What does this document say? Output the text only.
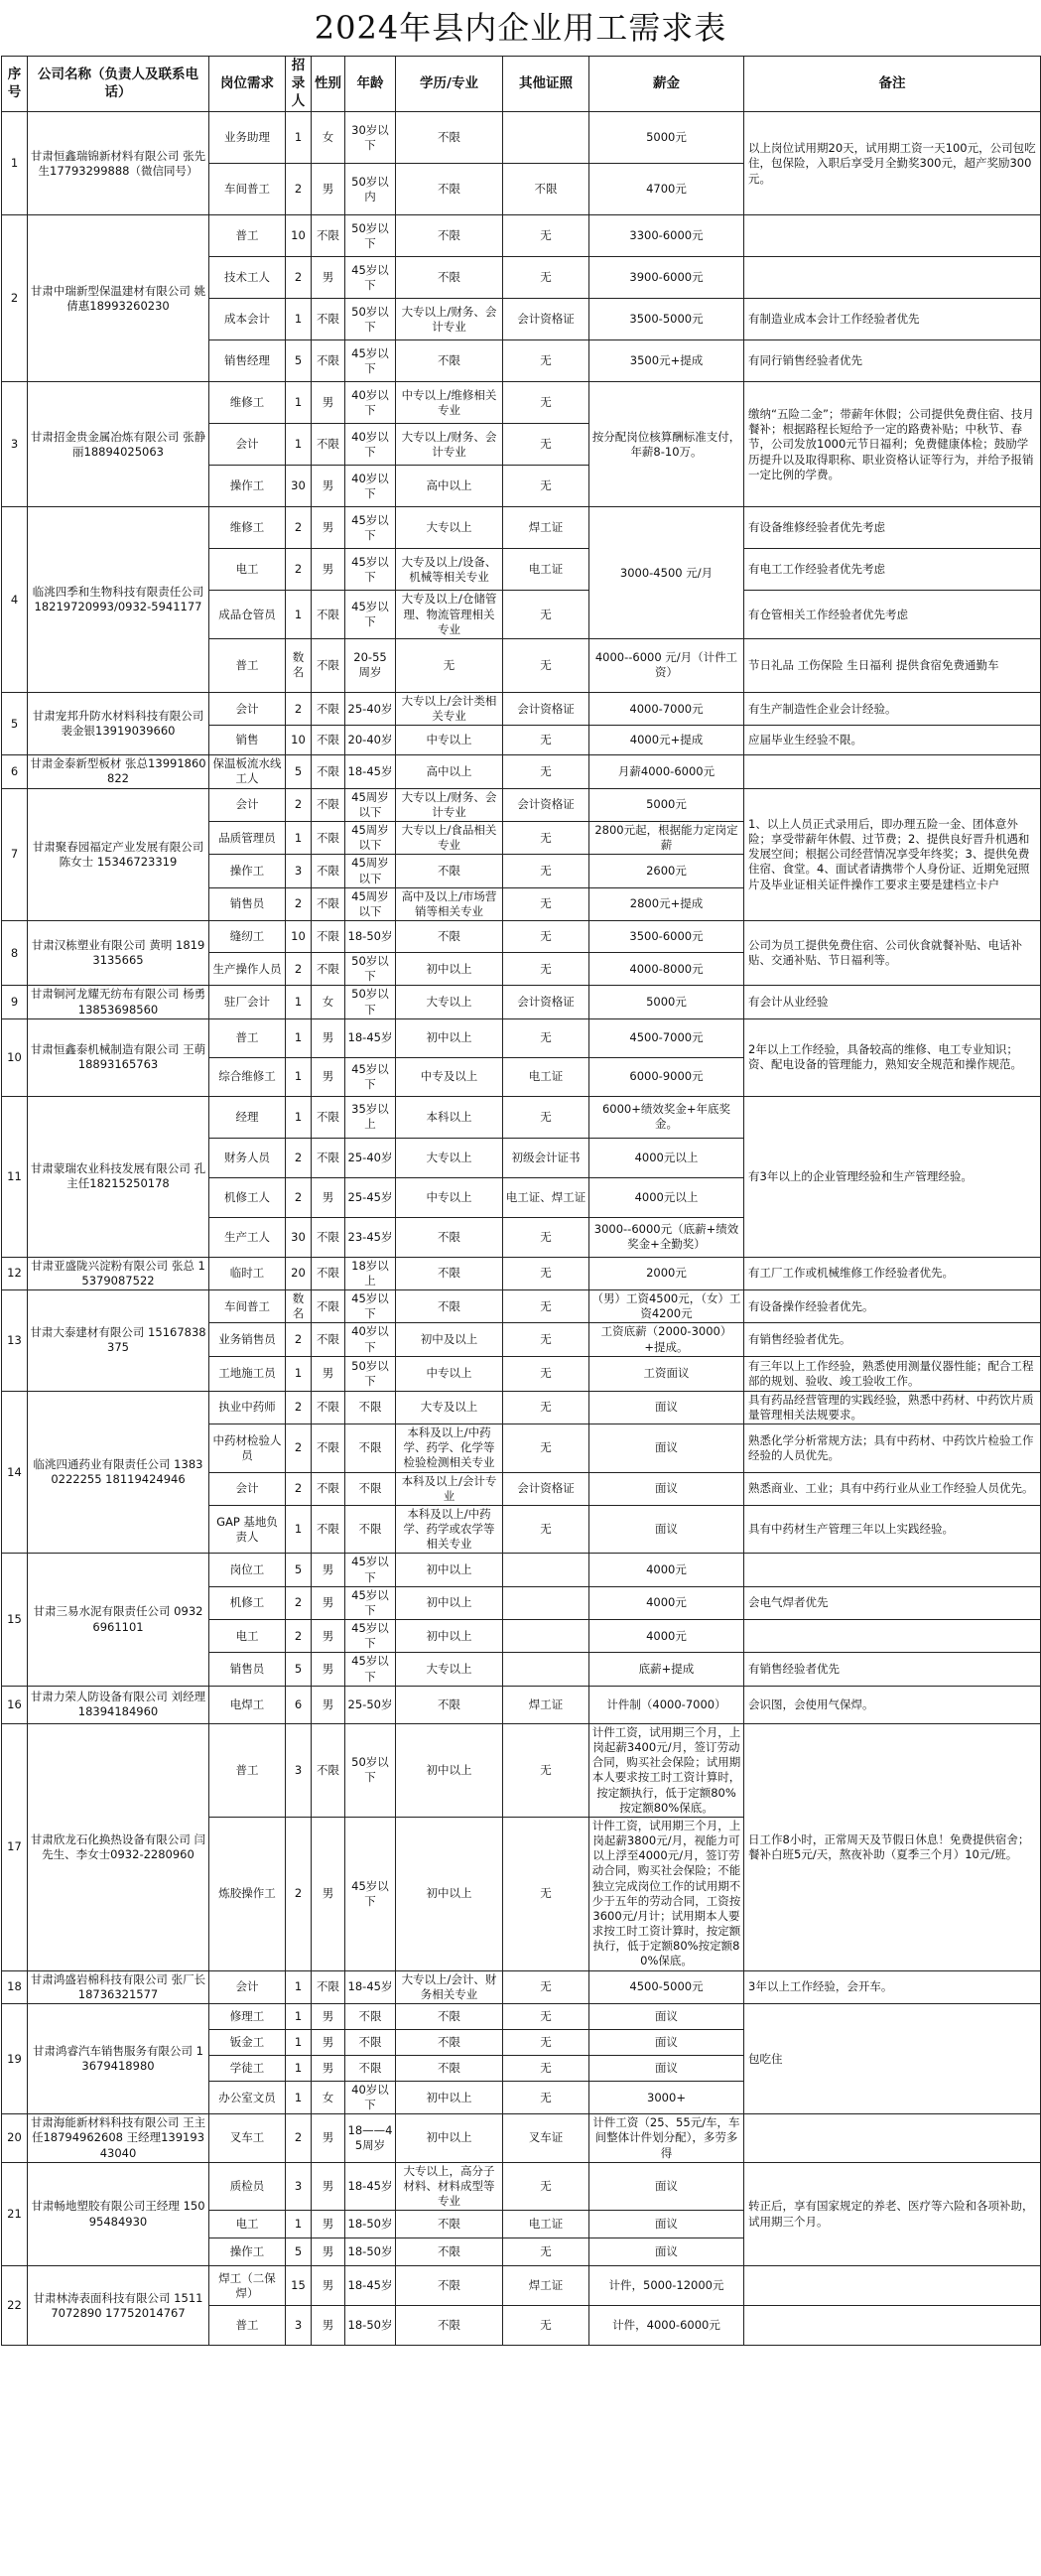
2024年县内企业用工需求表
序号	公司名称（负责人及联系电话）	岗位需求	招录人	性别	年龄	学历/专业	其他证照	薪金	备注
1	甘肃恒鑫瑞锦新材料有限公司 张先生17793299888（微信同号）	业务助理	1	女	30岁以下	不限		5000元	以上岗位试用期20天，试用期工资一天100元，公司包吃住，包保险，入职后享受月全勤奖300元，超产奖励300元。
		车间普工	2	男	50岁以内	不限	不限	4700元	
2	甘肃中瑞新型保温建材有限公司 姚倩惠18993260230	普工	10	不限	50岁以下	不限	无	3300-6000元	
		技术工人	2	男	45岁以下	不限	无	3900-6000元	
		成本会计	1	不限	50岁以下	大专以上/财务、会计专业	会计资格证	3500-5000元	有制造业成本会计工作经验者优先
		销售经理	5	不限	45岁以下	不限	无	3500元+提成	有同行销售经验者优先
3	甘肃招金贵金属冶炼有限公司 张静丽18894025063	维修工	1	男	40岁以下	中专以上/维修相关专业	无	按分配岗位核算酬标准支付，年薪8-10万。	缴纳“五险二金”；带薪年休假；公司提供免费住宿、技月餐补；根据路程长短给予一定的路费补贴；中秋节、春节，公司发放1000元节日福利；免费健康体检；鼓励学历提升以及取得职称、职业资格认证等行为，并给予报销一定比例的学费。
		会计	1	不限	40岁以下	大专以上/财务、会计专业	无		
		操作工	30	男	40岁以下	高中以上	无		
4	临洮四季和生物科技有限责任公司 18219720993/0932-5941177	维修工	2	男	45岁以下	大专以上	焊工证	3000-4500 元/月	有设备维修经验者优先考虑
		电工	2	男	45岁以下	大专及以上/设备、机械等相关专业	电工证		有电工工作经验者优先考虑
		成品仓管员	1	不限	45岁以下	大专及以上/仓储管理、物流管理相关专业	无		有仓管相关工作经验者优先考虑
		普工	数名	不限	20-55 周岁	无	无	4000--6000 元/月（计件工资）	节日礼品 工伤保险 生日福利 提供食宿免费通勤车
5	甘肃宠邦升防水材料科技有限公司 裴金银13919039660	会计	2	不限	25-40岁	大专以上/会计类相关专业	会计资格证	4000-7000元	有生产制造性企业会计经验。
		销售	10	不限	20-40岁	中专以上	无	4000元+提成	应届毕业生经验不限。
6	甘肃金泰新型板材 张总13991860822	保温板流水线工人	5	不限	18-45岁	高中以上	无	月薪4000-6000元	
7	甘肃聚春园福定产业发展有限公司 陈女士 15346723319	会计	2	不限	45周岁以下	大专以上/财务、会计专业	会计资格证	5000元	1、以上人员正式录用后，即办理五险一金、团体意外险；享受带薪年休假、过节费；2、提供良好晋升机遇和发展空间；根据公司经营情况享受年终奖；3、提供免费住宿、食堂。4、面试者请携带个人身份证、近期免冠照片及毕业证相关证件操作工要求主要是建档立卡户
		品质管理员	1	不限	45周岁以下	大专以上/食品相关专业	无	2800元起，根据能力定岗定薪	
		操作工	3	不限	45周岁以下	不限	无	2600元	
		销售员	2	不限	45周岁以下	高中及以上/市场营销等相关专业	无	2800元+提成	
8	甘肃汉栋塑业有限公司 黄明 18193135665	缝纫工	10	不限	18-50岁	不限	无	3500-6000元	公司为员工提供免费住宿、公司伙食就餐补贴、电话补贴、交通补贴、节日福利等。
		生产操作人员	2	不限	50岁以下	初中以上	无	4000-8000元	
9	甘肃铜河龙耀无纺布有限公司 杨勇 13853698560	驻厂会计	1	女	50岁以下	大专以上	会计资格证	5000元	有会计从业经验
10	甘肃恒鑫泰机械制造有限公司 王萌 18893165763	普工	1	男	18-45岁	初中以上	无	4500-7000元	2年以上工作经验，具备较高的维修、电工专业知识；资、配电设备的管理能力，熟知安全规范和操作规范。
		综合维修工	1	男	45岁以下	中专及以上	电工证	6000-9000元	
11	甘肃蒙瑞农业科技发展有限公司 孔主任18215250178	经理	1	不限	35岁以上	本科以上	无	6000+绩效奖金+年底奖金。	有3年以上的企业管理经验和生产管理经验。
		财务人员	2	不限	25-40岁	大专以上	初级会计证书	4000元以上	
		机修工人	2	男	25-45岁	中专以上	电工证、焊工证	4000元以上	
		生产工人	30	不限	23-45岁	不限	无	3000--6000元（底薪+绩效奖金+全勤奖）	
12	甘肃亚盛陇兴淀粉有限公司 张总 15379087522	临时工	20	不限	18岁以上	不限	无	2000元	有工厂工作或机械维修工作经验者优先。
13	甘肃大泰建材有限公司 15167838375	车间普工	数名	不限	45岁以下	不限	无	（男）工资4500元，（女）工资4200元	有设备操作经验者优先。
		业务销售员	2	不限	40岁以下	初中及以上	无	工资底薪（2000-3000）+提成。	有销售经验者优先。
		工地施工员	1	男	50岁以下	中专以上	无	工资面议	有三年以上工作经验，熟悉使用测量仪器性能；配合工程部的规划、验收、竣工验收工作。
14	临洮四通药业有限责任公司 13830222255 18119424946	执业中药师	2	不限	不限	大专及以上	无	面议	具有药品经营管理的实践经验，熟悉中药材、中药饮片质量管理相关法规要求。
		中药材检验人员	2	不限	不限	本科及以上/中药学、药学、化学等检验检测相关专业	无	面议	熟悉化学分析常规方法；具有中药材、中药饮片检验工作经验的人员优先。
		会计	2	不限	不限	本科及以上/会计专业	会计资格证	面议	熟悉商业、工业；具有中药行业从业工作经验人员优先。
		GAP 基地负责人	1	不限	不限	本科及以上/中药学、药学或农学等相关专业	无	面议	具有中药材生产管理三年以上实践经验。
15	甘肃三易水泥有限责任公司 09326961101	岗位工	5	男	45岁以下	初中以上		4000元	
		机修工	2	男	45岁以下	初中以上		4000元	会电气焊者优先
		电工	2	男	45岁以下	初中以上		4000元	
		销售员	5	男	45岁以下	大专以上		底薪+提成	有销售经验者优先
16	甘肃力荣人防设备有限公司 刘经理18394184960	电焊工	6	男	25-50岁	不限	焊工证	计件制（4000-7000）	会识图，会使用气保焊。
17	甘肃欣龙石化换热设备有限公司 闫先生、李女士0932-2280960	普工	3	不限	50岁以下	初中以上	无	计件工资，试用期三个月，上岗起薪3400元/月，签订劳动合同，购买社会保险；试用期本人要求按工时工资计算时，按定额执行，低于定额80%按定额80%保底。	日工作8小时，正常周天及节假日休息！免费提供宿舍；餐补白班5元/天，熬夜补助（夏季三个月）10元/班。
		炼胶操作工	2	男	45岁以下	初中以上	无	计件工资，试用期三个月，上岗起薪3800元/月，视能力可以上浮至4000元/月，签订劳动合同，购买社会保险；不能独立完成岗位工作的试用期不少于五年的劳动合同，工资按3600元/月计；试用期本人要求按工时工资计算时，按定额执行，低于定额80%按定额80%保底。	
18	甘肃鸿盛岩棉科技有限公司 张厂长 18736321577	会计	1	不限	18-45岁	大专以上/会计、财务相关专业	无	4500-5000元	3年以上工作经验，会开车。
19	甘肃鸿睿汽车销售服务有限公司 13679418980	修理工	1	男	不限	不限	无	面议	包吃住
		钣金工	1	男	不限	不限	无	面议	
		学徒工	1	男	不限	不限	无	面议	
		办公室文员	1	女	40岁以下	初中以上	无	3000+	
20	甘肃海能新材料科技有限公司 王主任18794962608 王经理13919343040	叉车工	2	男	18——45周岁	初中以上	叉车证	计件工资（25、55元/车，车间整体计件划分配），多劳多得	
21	甘肃畅地塑胶有限公司王经理 15095484930	质检员	3	男	18-45岁	大专以上，高分子材料、材料成型等专业	无	面议	转正后，享有国家规定的养老、医疗等六险和各项补助，试用期三个月。
		电工	1	男	18-50岁	不限	电工证	面议	
		操作工	5	男	18-50岁	不限	无	面议	
22	甘肃林涛表面科技有限公司 15117072890 17752014767	焊工（二保焊）	15	男	18-45岁	不限	焊工证	计件，5000-12000元	
		普工	3	男	18-50岁	不限	无	计件，4000-6000元	
